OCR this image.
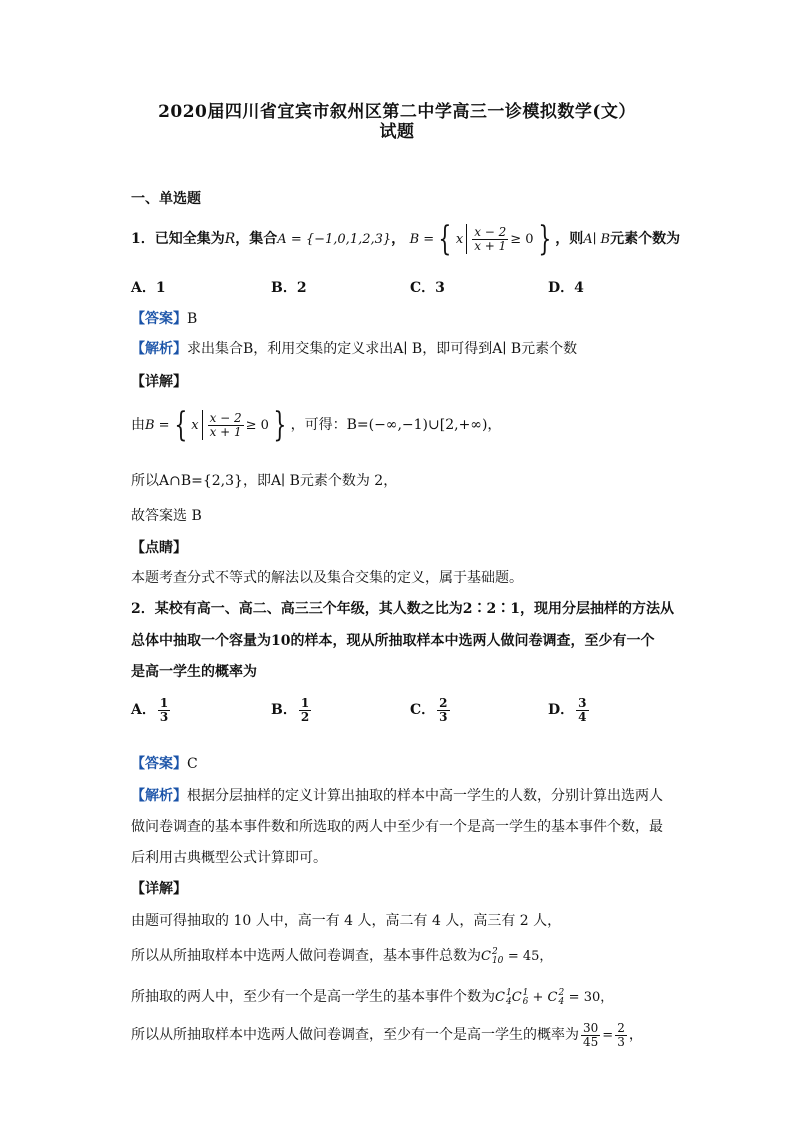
2020届四川省宜宾市叙州区第二中学高三一诊模拟数学(文）
试题
一、单选题
1．已知全集为R，集合A = {−1,0,1,2,3}， B = { x $\frac{x - 2}{x + 1} \ge 0$ } ，则A∣ B元素个数为
A．1	B．2	C．3	D．4
【答案】B
【解析】求出集合B，利用交集的定义求出A∣ B，即可得到A∣ B元素个数
【详解】
由B = { x $\frac{x - 2}{x + 1} \ge 0$ } ，可得：B=(−∞,−1)∪[2,+∞)，
所以A∩B={2,3}，即A∣ B元素个数为 2，
故答案选 B
【点睛】
本题考查分式不等式的解法以及集合交集的定义，属于基础题。
2．某校有高一、高二、高三三个年级，其人数之比为2∶2∶1，现用分层抽样的方法从
总体中抽取一个容量为10的样本，现从所抽取样本中选两人做问卷调查，至少有一个
是高一学生的概率为
A． $\frac{1}{3}$	B． $\frac{1}{2}$	C． $\frac{2}{3}$	D． $\frac{3}{4}$
【答案】C
【解析】根据分层抽样的定义计算出抽取的样本中高一学生的人数，分别计算出选两人
做问卷调查的基本事件数和所选取的两人中至少有一个是高一学生的基本事件个数，最
后利用古典概型公式计算即可。
【详解】
由题可得抽取的 10 人中，高一有 4 人，高二有 4 人，高三有 2 人，
所以从所抽取样本中选两人做问卷调查，基本事件总数为C 2
10 = 45，
所抽取的两人中，至少有一个是高一学生的基本事件个数为C 1
4 C 1
6 + C 2
4 = 30，
所以从所抽取样本中选两人做问卷调查，至少有一个是高一学生的概率为 $\frac{30}{45} = \frac{2}{3}$ ，
